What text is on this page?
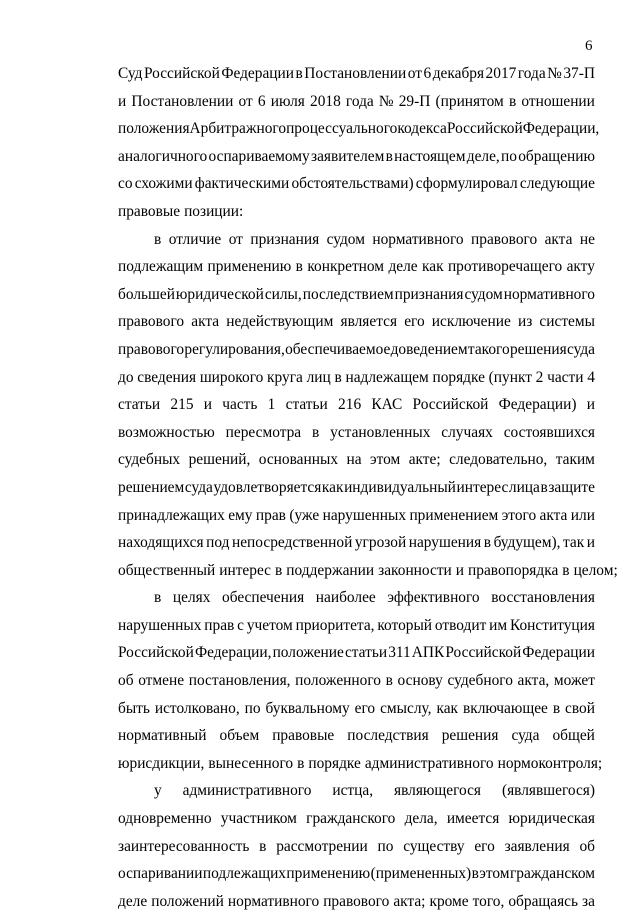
6
Суд Российской Федерации в Постановлении от 6 декабря 2017 года № 37-П
и Постановлении от 6 июля 2018 года № 29-П (принятом в отношении
положения Арбитражного процессуального кодекса Российской Федерации,
аналогичного оспариваемому заявителем в настоящем деле, по обращению
со схожими фактическими обстоятельствами) сформулировал следующие
правовые позиции:
в отличие от признания судом нормативного правового акта не
подлежащим применению в конкретном деле как противоречащего акту
большей юридической силы, последствием признания судом нормативного
правового акта недействующим является его исключение из системы
правового регулирования, обеспечиваемое доведением такого решения суда
до сведения широкого круга лиц в надлежащем порядке (пункт 2 части 4
статьи 215 и часть 1 статьи 216 КАС Российской Федерации) и
возможностью пересмотра в установленных случаях состоявшихся
судебных решений, основанных на этом акте; следовательно, таким
решением суда удовлетворяется как индивидуальный интерес лица в защите
принадлежащих ему прав (уже нарушенных применением этого акта или
находящихся под непосредственной угрозой нарушения в будущем), так и
общественный интерес в поддержании законности и правопорядка в целом;
в целях обеспечения наиболее эффективного восстановления
нарушенных прав с учетом приоритета, который отводит им Конституция
Российской Федерации, положение статьи 311 АПК Российской Федерации
об отмене постановления, положенного в основу судебного акта, может
быть истолковано, по буквальному его смыслу, как включающее в свой
нормативный объем правовые последствия решения суда общей
юрисдикции, вынесенного в порядке административного нормоконтроля;
у административного истца, являющегося (являвшегося)
одновременно участником гражданского дела, имеется юридическая
заинтересованность в рассмотрении по существу его заявления об
оспаривании подлежащих применению (примененных) в этом гражданском
деле положений нормативного правового акта; кроме того, обращаясь за
